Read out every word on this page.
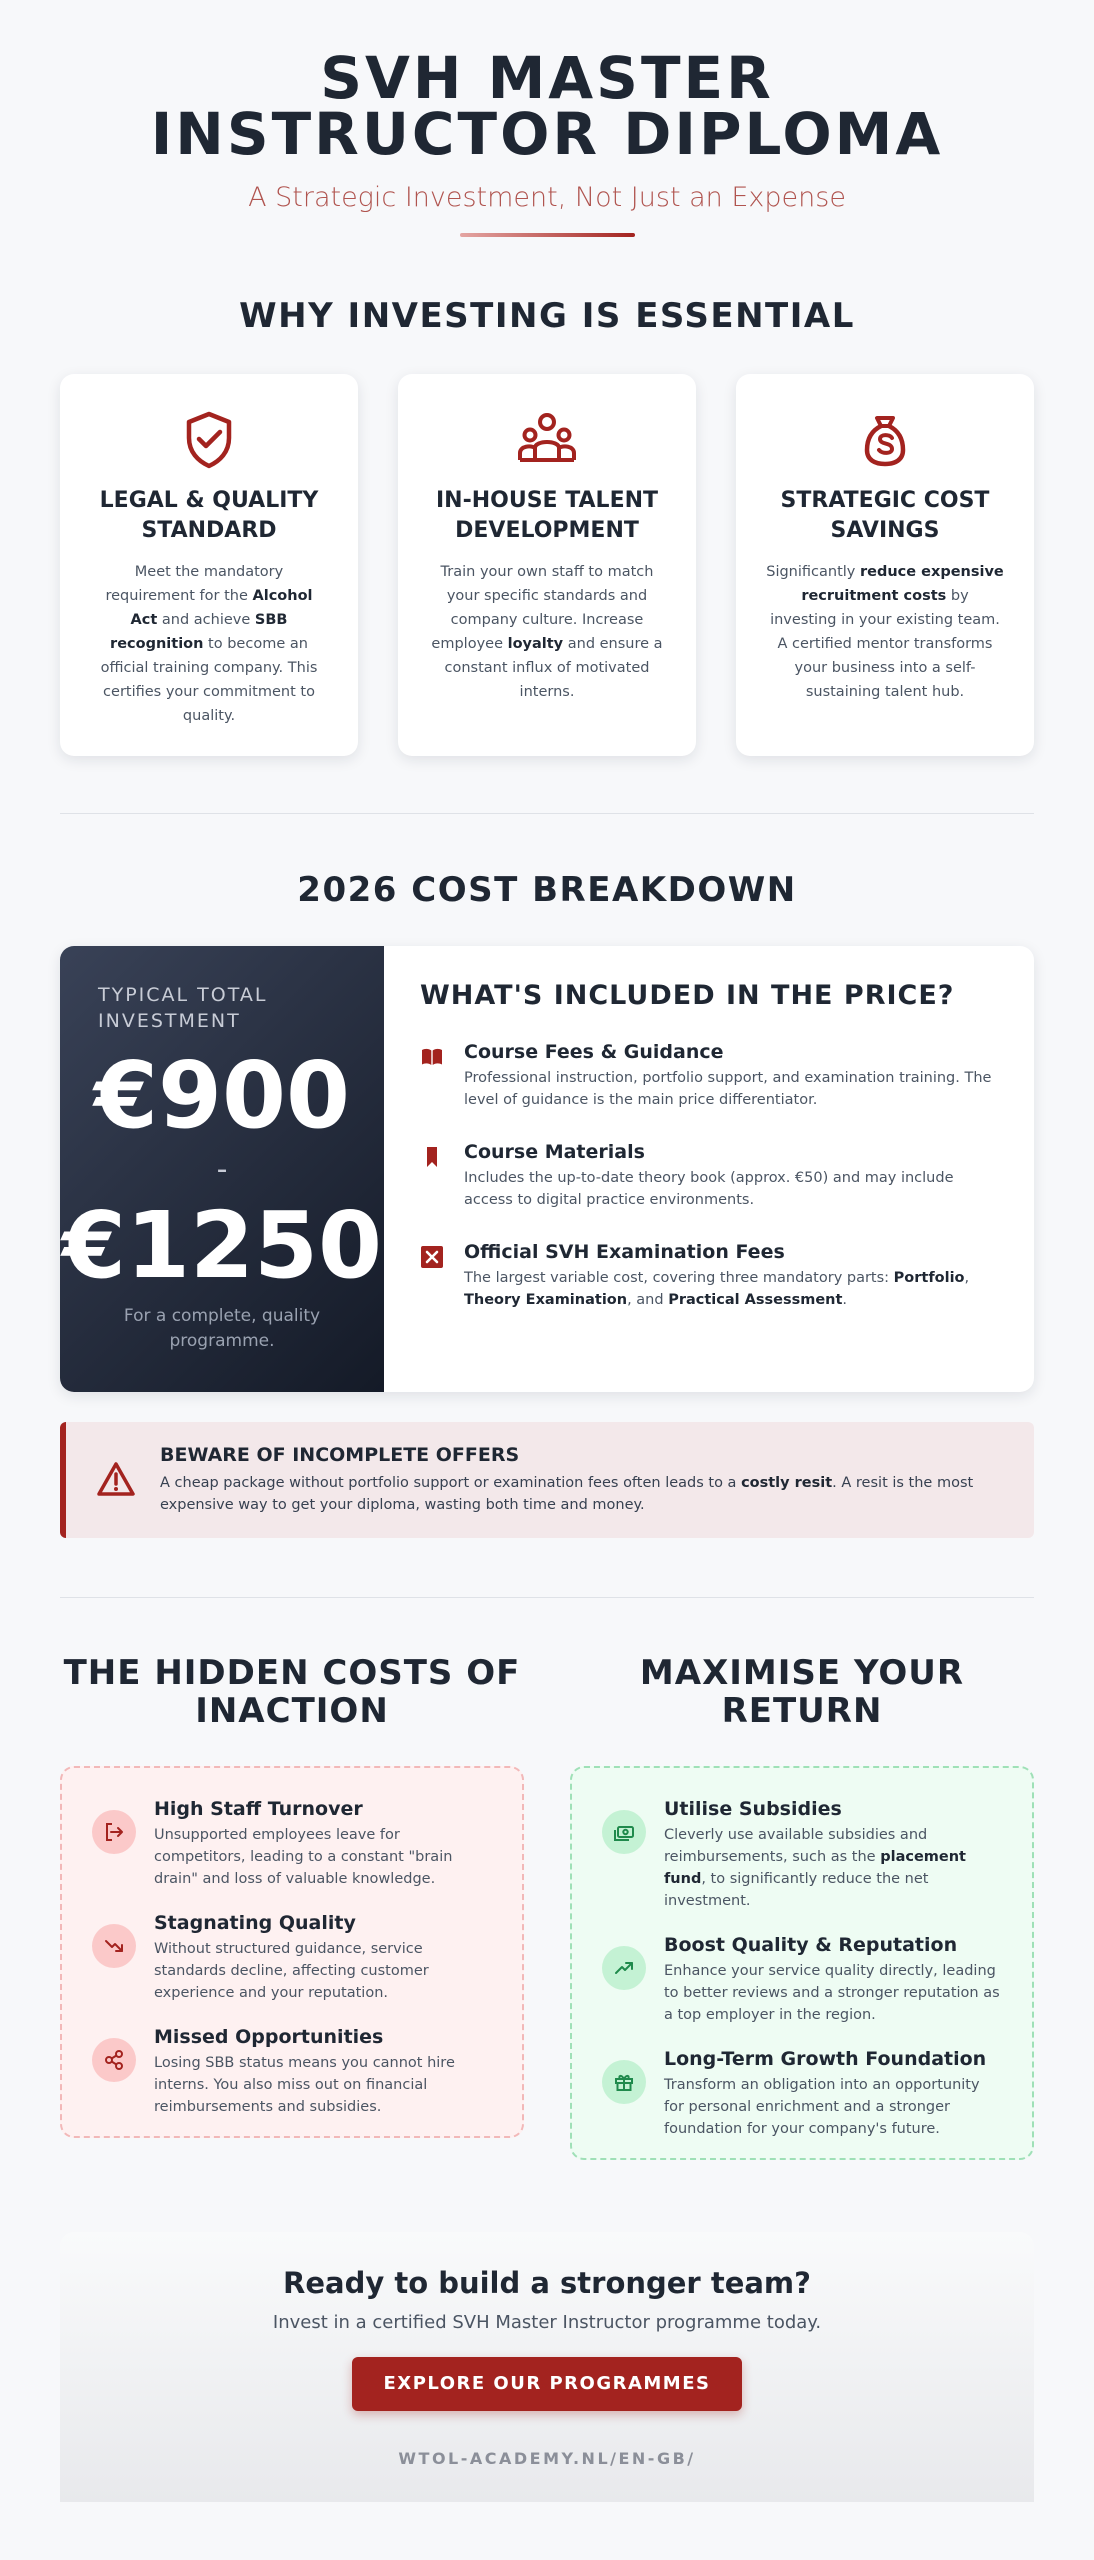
SVH MASTER INSTRUCTOR DIPLOMA
A Strategic Investment, Not Just an Expense
WHY INVESTING IS ESSENTIAL
LEGAL & QUALITY STANDARD
Meet the mandatory requirement for the Alcohol Act and achieve SBB recognition to become an official training company. This certifies your commitment to quality.
IN-HOUSE TALENT DEVELOPMENT
Train your own staff to match your specific standards and company culture. Increase employee loyalty and ensure a constant influx of motivated interns.
STRATEGIC COST SAVINGS
Significantly reduce expensive recruitment costs by investing in your existing team. A certified mentor transforms your business into a self-sustaining talent hub.
2026 COST BREAKDOWN
TYPICAL TOTAL INVESTMENT
€900
-
€1250
For a complete, quality programme.
WHAT'S INCLUDED IN THE PRICE?
Course Fees & Guidance
Professional instruction, portfolio support, and examination training. The level of guidance is the main price differentiator.
Course Materials
Includes the up-to-date theory book (approx. €50) and may include access to digital practice environments.
Official SVH Examination Fees
The largest variable cost, covering three mandatory parts: Portfolio, Theory Examination, and Practical Assessment.
BEWARE OF INCOMPLETE OFFERS
A cheap package without portfolio support or examination fees often leads to a costly resit. A resit is the most expensive way to get your diploma, wasting both time and money.
THE HIDDEN COSTS OF INACTION
MAXIMISE YOUR RETURN
High Staff Turnover
Unsupported employees leave for competitors, leading to a constant "brain drain" and loss of valuable knowledge.
Stagnating Quality
Without structured guidance, service standards decline, affecting customer experience and your reputation.
Missed Opportunities
Losing SBB status means you cannot hire interns. You also miss out on financial reimbursements and subsidies.
Utilise Subsidies
Cleverly use available subsidies and reimbursements, such as the placement fund, to significantly reduce the net investment.
Boost Quality & Reputation
Enhance your service quality directly, leading to better reviews and a stronger reputation as a top employer in the region.
Long-Term Growth Foundation
Transform an obligation into an opportunity for personal enrichment and a stronger foundation for your company's future.
Ready to build a stronger team?
Invest in a certified SVH Master Instructor programme today.
EXPLORE OUR PROGRAMMES
WTOL-ACADEMY.NL/EN-GB/
